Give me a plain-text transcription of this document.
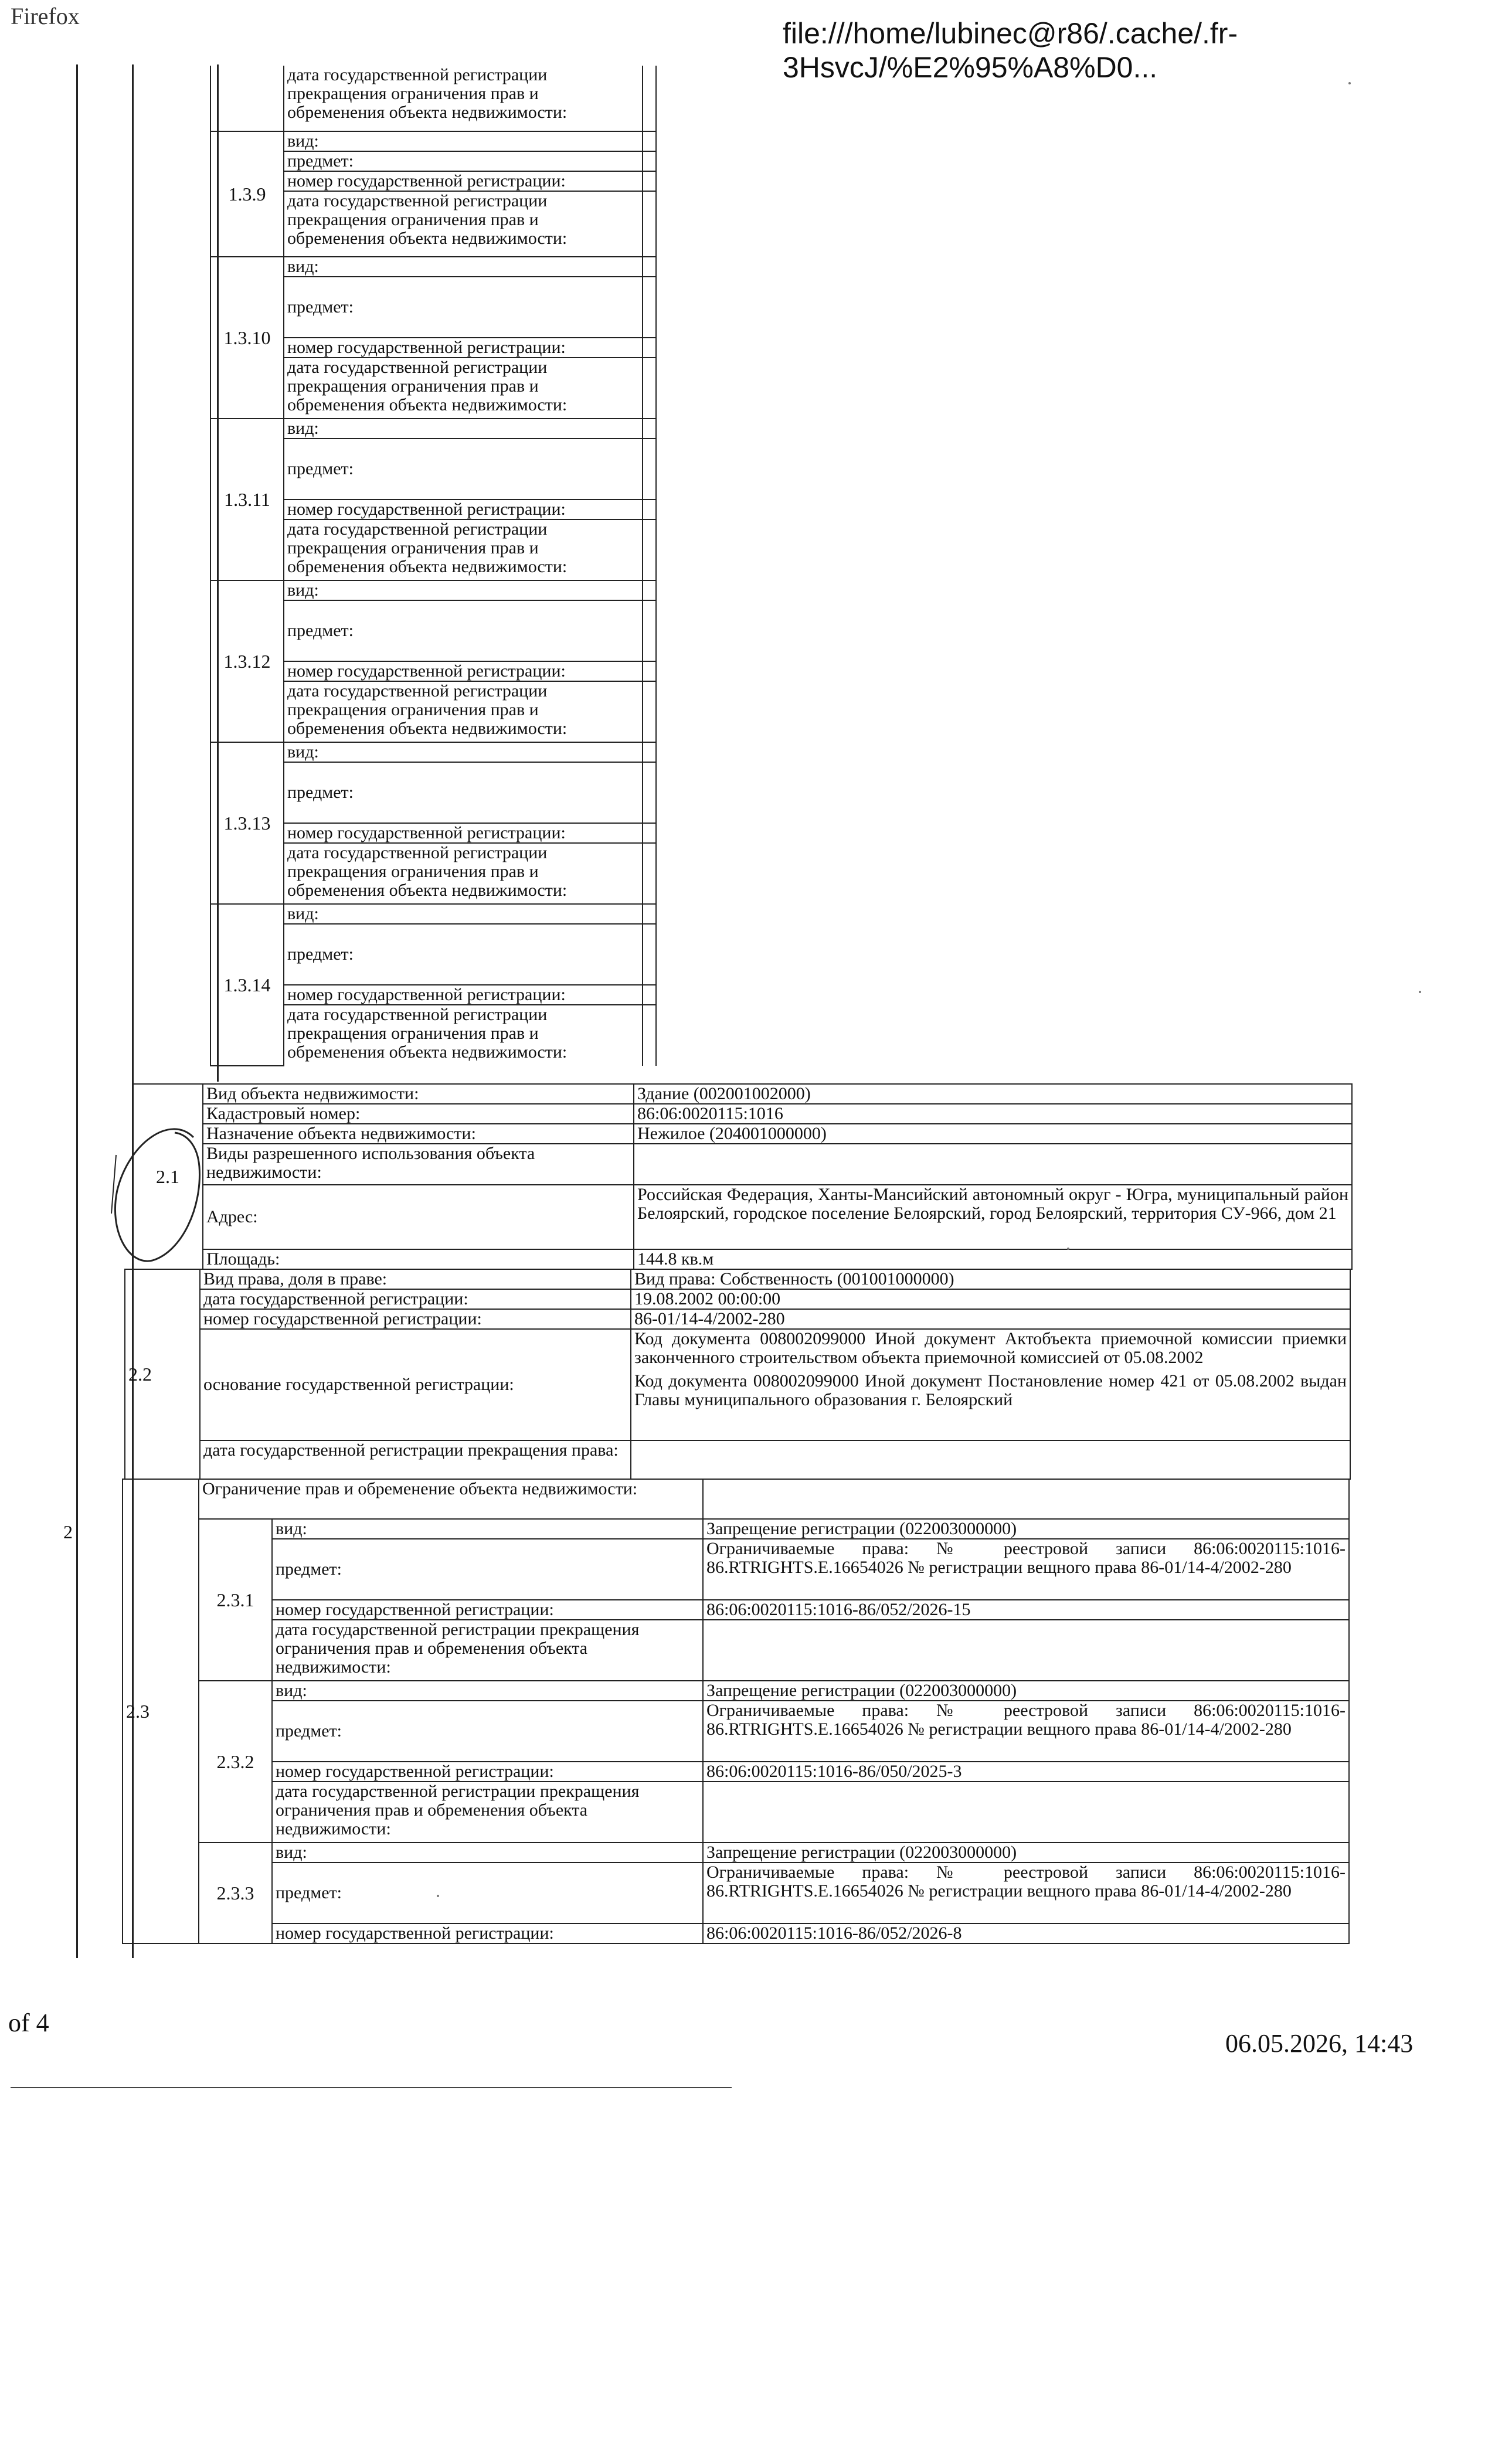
Firefox
file:///home/lubinec@r86/.cache/.fr-3HsvcJ/%E2%95%A8%D0...
	дата государственной регистрации прекращения ограничения прав и обременения объекта недвижимости:	
1.3.9	вид:	
	предмет:	
	номер государственной регистрации:	
	дата государственной регистрации прекращения ограничения прав и обременения объекта недвижимости:	
1.3.10	вид:	
	предмет:	
	номер государственной регистрации:	
	дата государственной регистрации прекращения ограничения прав и обременения объекта недвижимости:	
1.3.11	вид:	
	предмет:	
	номер государственной регистрации:	
	дата государственной регистрации прекращения ограничения прав и обременения объекта недвижимости:	
1.3.12	вид:	
	предмет:	
	номер государственной регистрации:	
	дата государственной регистрации прекращения ограничения прав и обременения объекта недвижимости:	
1.3.13	вид:	
	предмет:	
	номер государственной регистрации:	
	дата государственной регистрации прекращения ограничения прав и обременения объекта недвижимости:	
1.3.14	вид:	
	предмет:	
	номер государственной регистрации:	
	дата государственной регистрации прекращения ограничения прав и обременения объекта недвижимости:	
2
2.1	Вид объекта недвижимости:	Здание (002001002000)
	Кадастровый номер:	86:06:0020115:1016
	Назначение объекта недвижимости:	Нежилое (204001000000)
	Виды разрешенного использования объекта недвижимости:	
	Адрес:	Российская Федерация, Ханты-Мансийский автономный округ - Югра, муниципальный район Белоярский, городское поселение Белоярский, город Белоярский, территория СУ-966, дом 21
	Площадь:	144.8 кв.м
2.2	Вид права, доля в праве:	Вид права: Собственность (001001000000)
	дата государственной регистрации:	19.08.2002 00:00:00
	номер государственной регистрации:	86-01/14-4/2002-280
	основание государственной регистрации:	Код документа 008002099000 Иной документ Актобъекта приемочной комиссии приемки законченного строительством объекта приемочной комиссией от 05.08.2002
Код документа 008002099000 Иной документ Постановление номер 421 от 05.08.2002 выдан Главы муниципального образования г. Белоярский

	дата государственной регистрации прекращения права:	
2.3	Ограничение прав и обременение объекта недвижимости:		
	2.3.1	вид:	Запрещение регистрации (022003000000)
		предмет:	Ограничиваемые права: № реестровой записи 86:06:0020115:1016-86.RTRIGHTS.E.16654026 № регистрации вещного права 86-01/14-4/2002-280
		номер государственной регистрации:	86:06:0020115:1016-86/052/2026-15
		дата государственной регистрации прекращения ограничения прав и обременения объекта недвижимости:	
	2.3.2	вид:	Запрещение регистрации (022003000000)
		предмет:	Ограничиваемые права: № реестровой записи 86:06:0020115:1016-86.RTRIGHTS.E.16654026 № регистрации вещного права 86-01/14-4/2002-280
		номер государственной регистрации:	86:06:0020115:1016-86/050/2025-3
		дата государственной регистрации прекращения ограничения прав и обременения объекта недвижимости:	
	2.3.3	вид:	Запрещение регистрации (022003000000)
		предмет:	Ограничиваемые права: № реестровой записи 86:06:0020115:1016-86.RTRIGHTS.E.16654026 № регистрации вещного права 86-01/14-4/2002-280
		номер государственной регистрации:	86:06:0020115:1016-86/052/2026-8
of 4
06.05.2026, 14:43
